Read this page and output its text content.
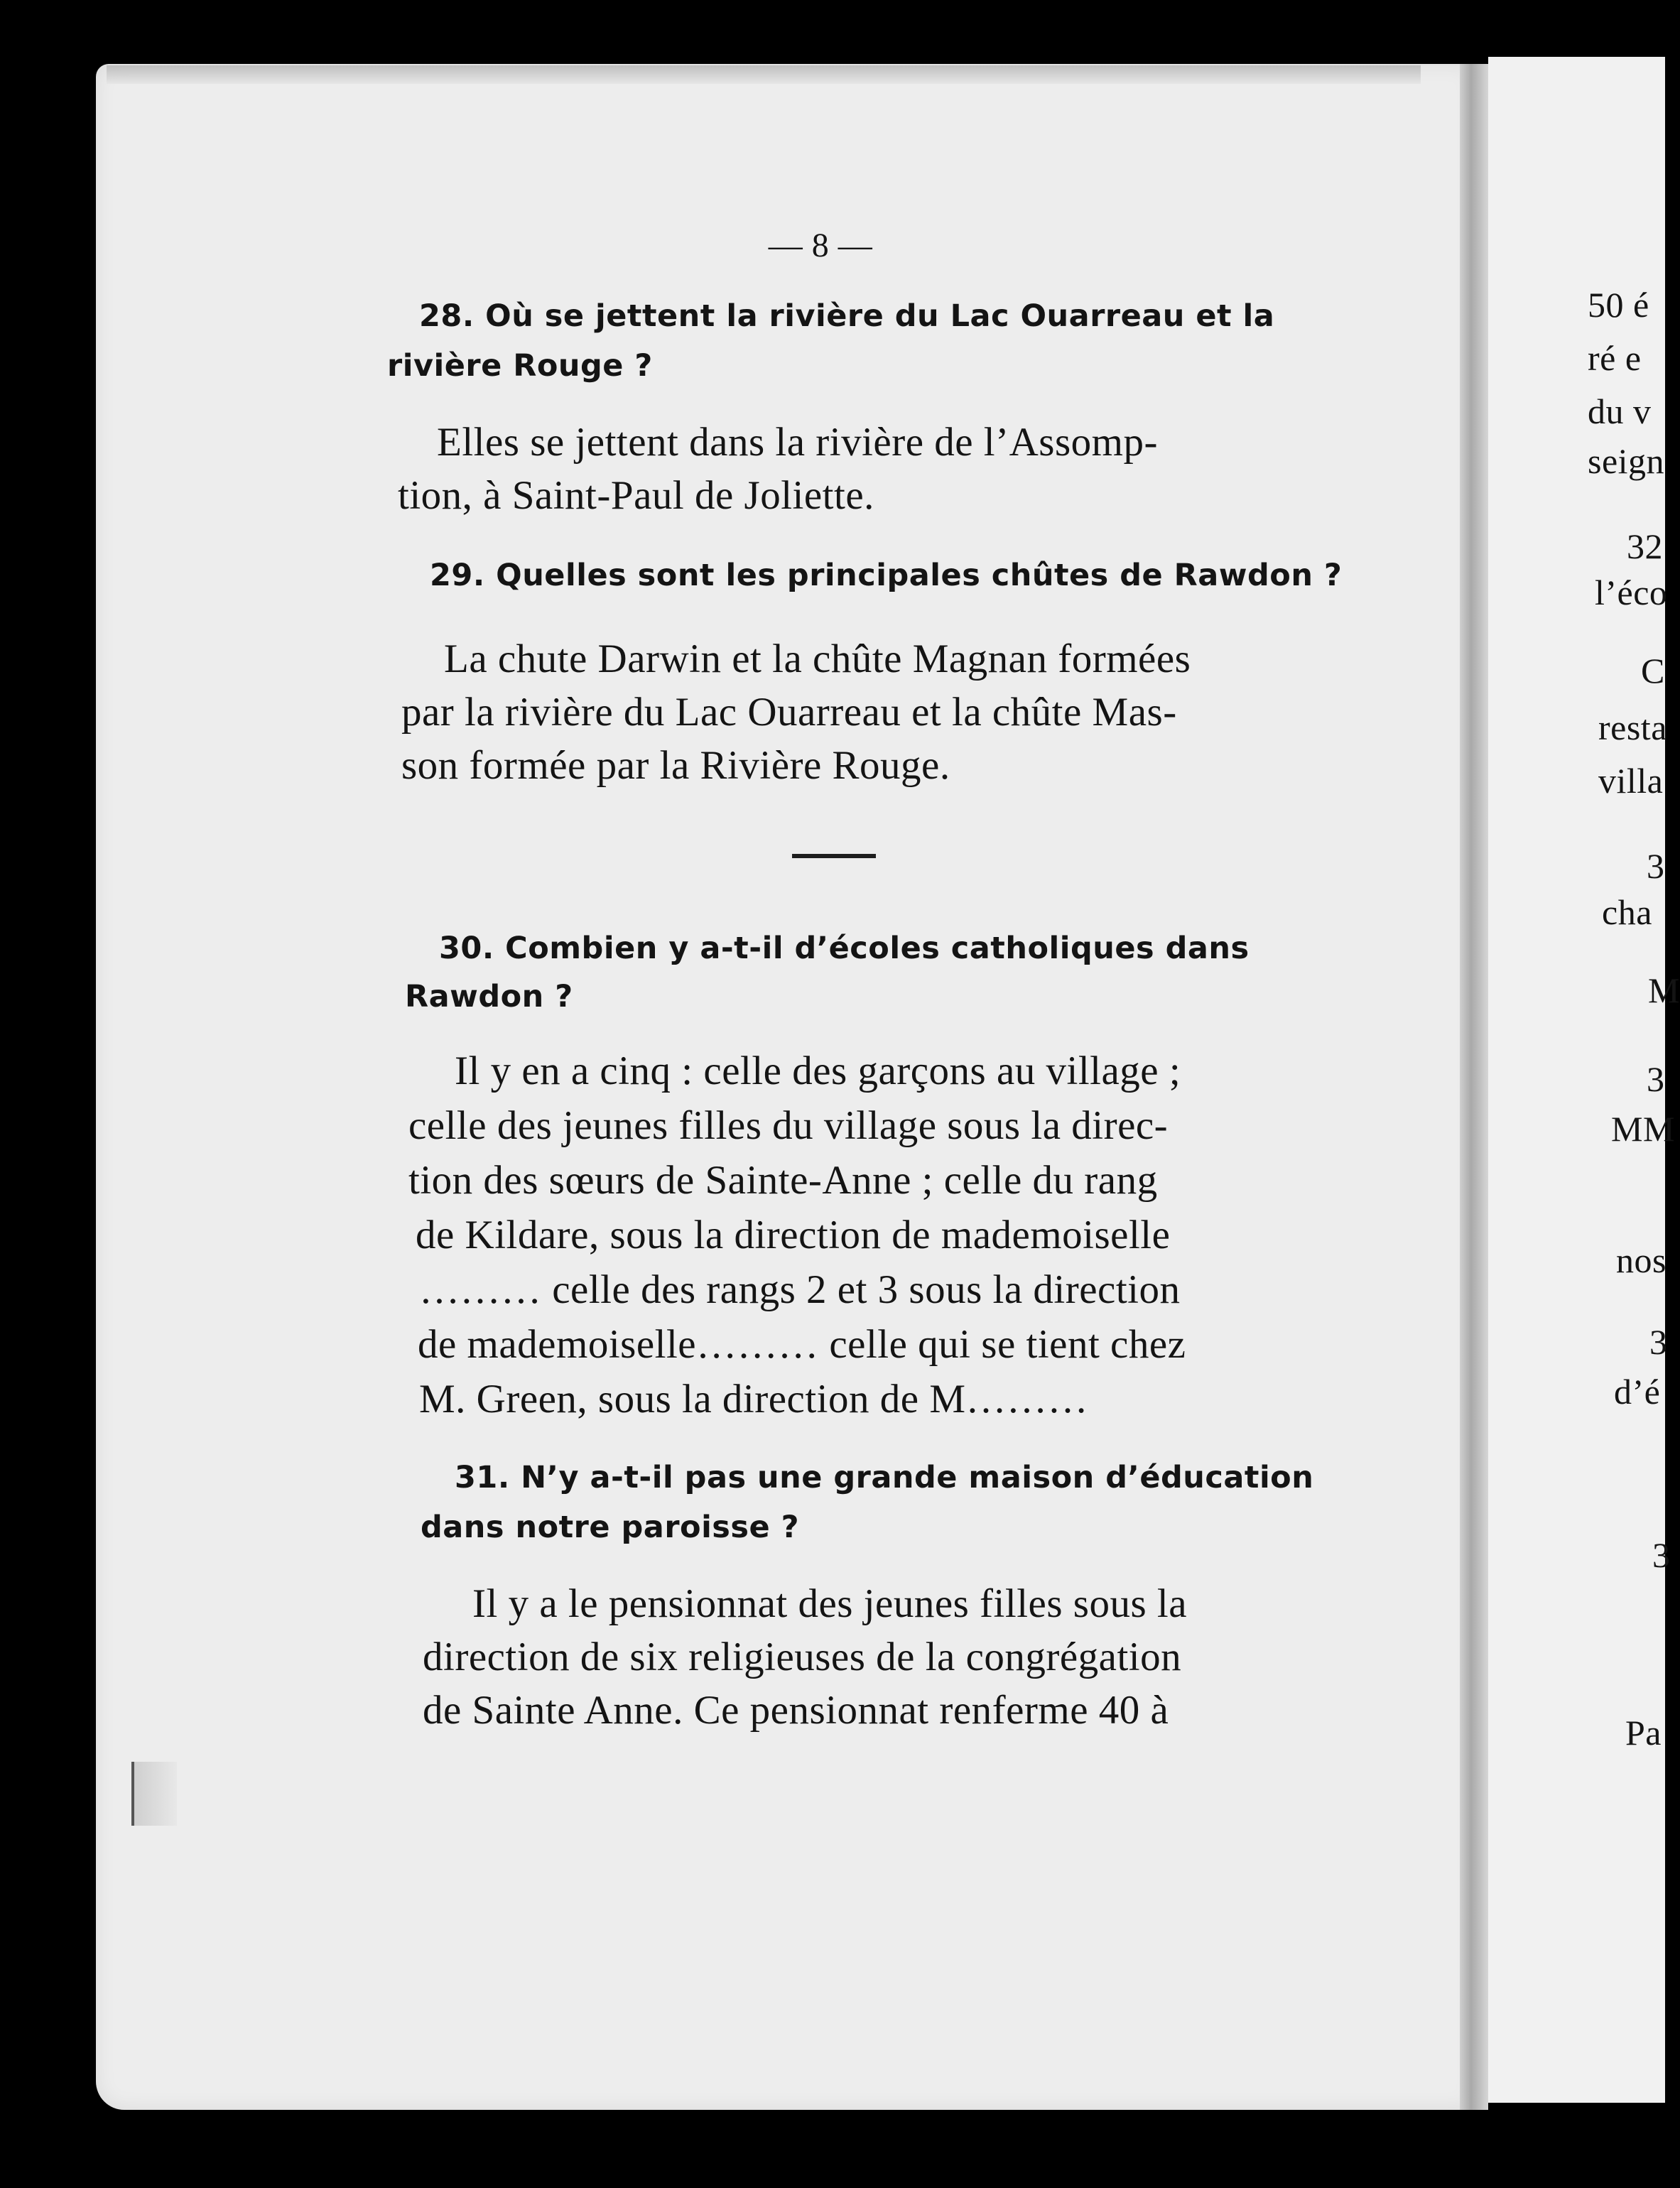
— 8 —
28. Où se jettent la rivière du Lac Ouarreau et la
rivière Rouge ?
Elles se jettent dans la rivière de l’Assomp-
tion, à Saint-Paul de Joliette.
29. Quelles sont les principales chûtes de Rawdon ?
La chute Darwin et la chûte Magnan formées
par la rivière du Lac Ouarreau et la chûte Mas-
son formée par la Rivière Rouge.
30. Combien y a-t-il d’écoles catholiques dans
Rawdon ?
Il y en a cinq : celle des garçons au village ;
celle des jeunes filles du village sous la direc-
tion des sœurs de Sainte-Anne ; celle du rang
de Kildare, sous la direction de mademoiselle
……… celle des rangs 2 et 3 sous la direction
de mademoiselle……… celle qui se tient chez
M. Green, sous la direction de M………
31. N’y a-t-il pas une grande maison d’éducation
dans notre paroisse ?
Il y a le pensionnat des jeunes filles sous la
direction de six religieuses de la congrégation
de Sainte Anne. Ce pensionnat renferme 40 à
50 é
ré e
du v
seign
32
l’éco
C
resta
villa
3
cha
M
3
MM
nos
3
d’é
3
Pa
